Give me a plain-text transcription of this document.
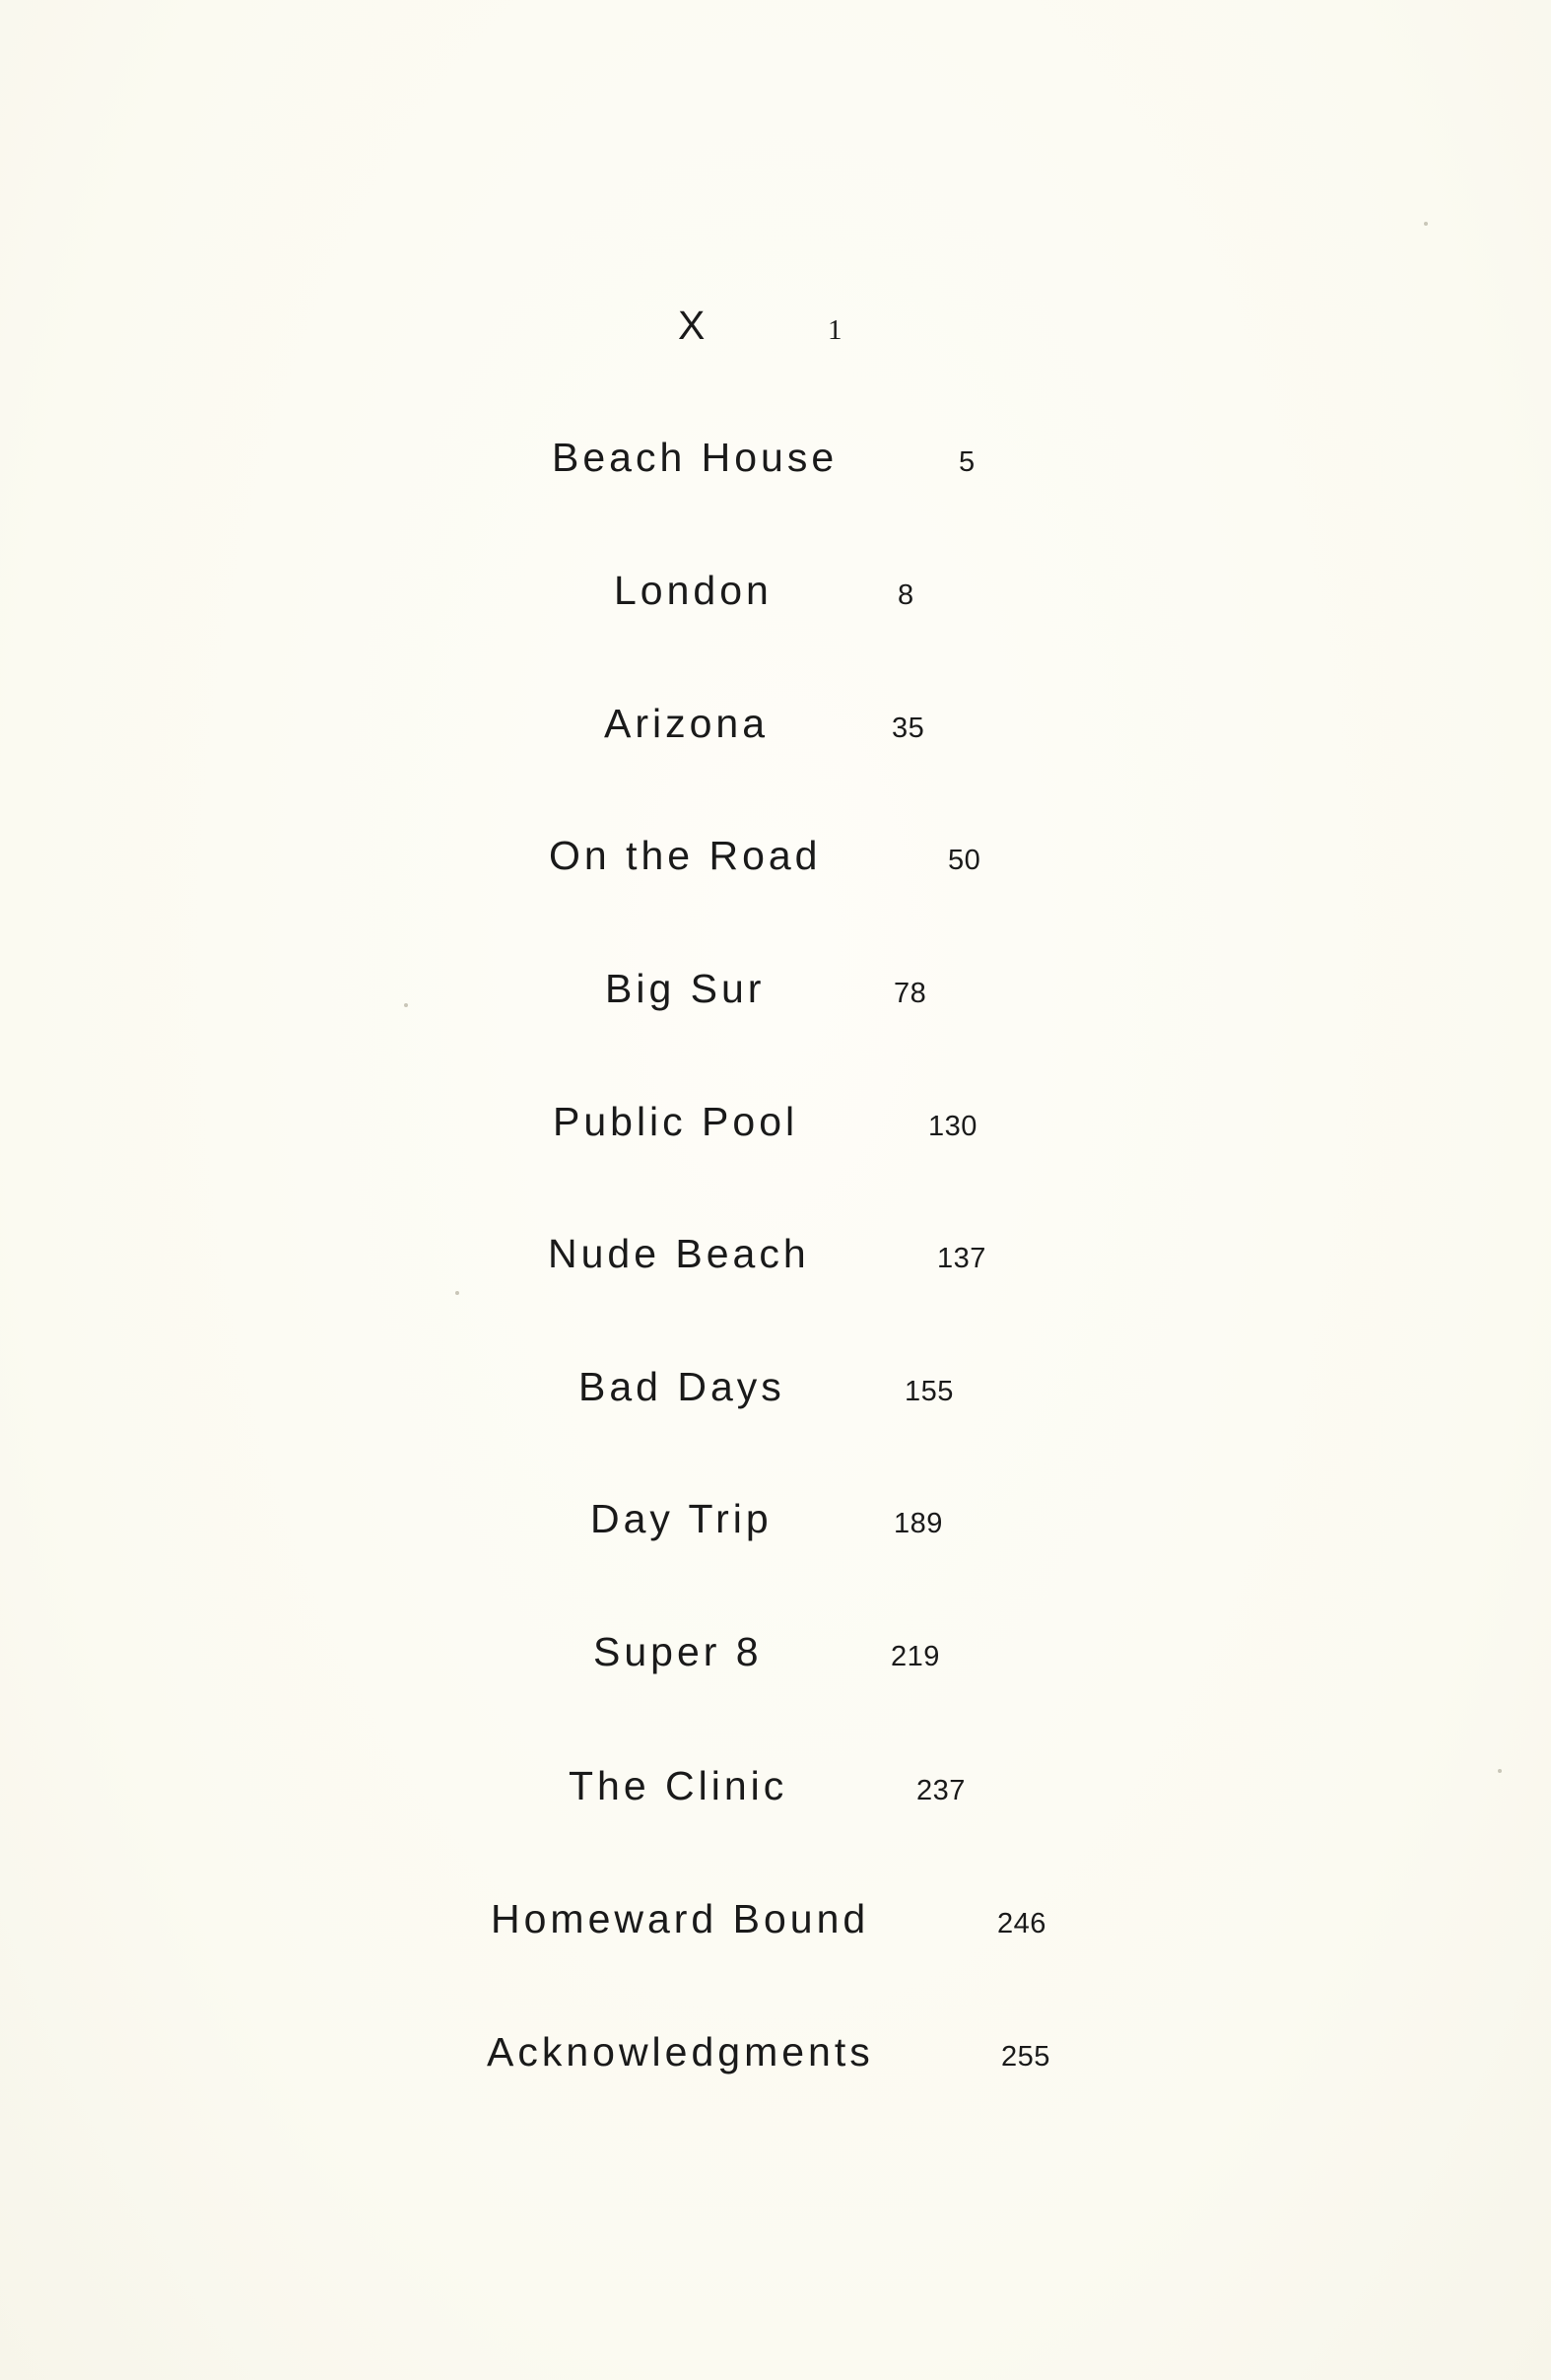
X	1
Beach House	5
London	8
Arizona	35
On the Road	50
Big Sur	78
Public Pool	130
Nude Beach	137
Bad Days	155
Day Trip	189
Super 8	219
The Clinic	237
Homeward Bound	246
Acknowledgments	255
